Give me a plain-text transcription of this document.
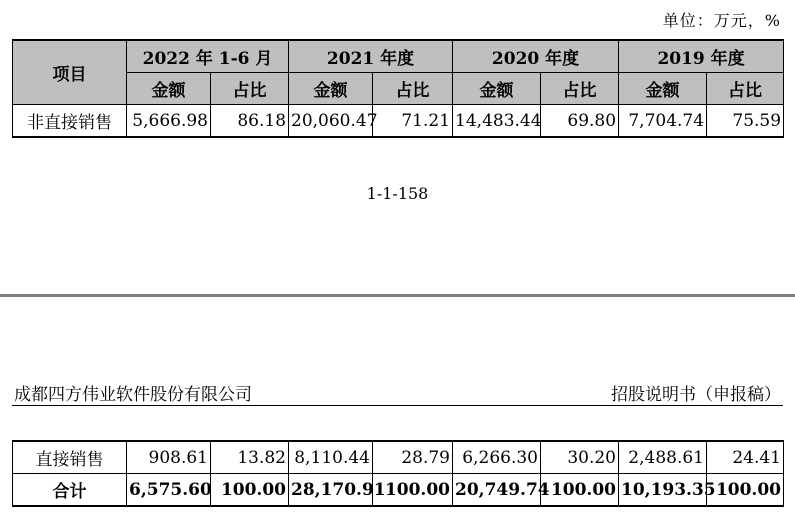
单位：万元，%
项目	2022 年 1-6 月		2021 年度		2020 年度		2019 年度	
	金额	占比	金额	占比	金额	占比	金额	占比
非直接销售	5,666.98	86.18	20,060.47	71.21	14,483.44	69.80	7,704.74	75.59
1-1-158
成都四方伟业软件股份有限公司	招股说明书（申报稿）
直接销售	908.61	13.82	8,110.44	28.79	6,266.30	30.20	2,488.61	24.41
合计	6,575.60	100.00	28,170.91	100.00	20,749.74	100.00	10,193.35	100.00
